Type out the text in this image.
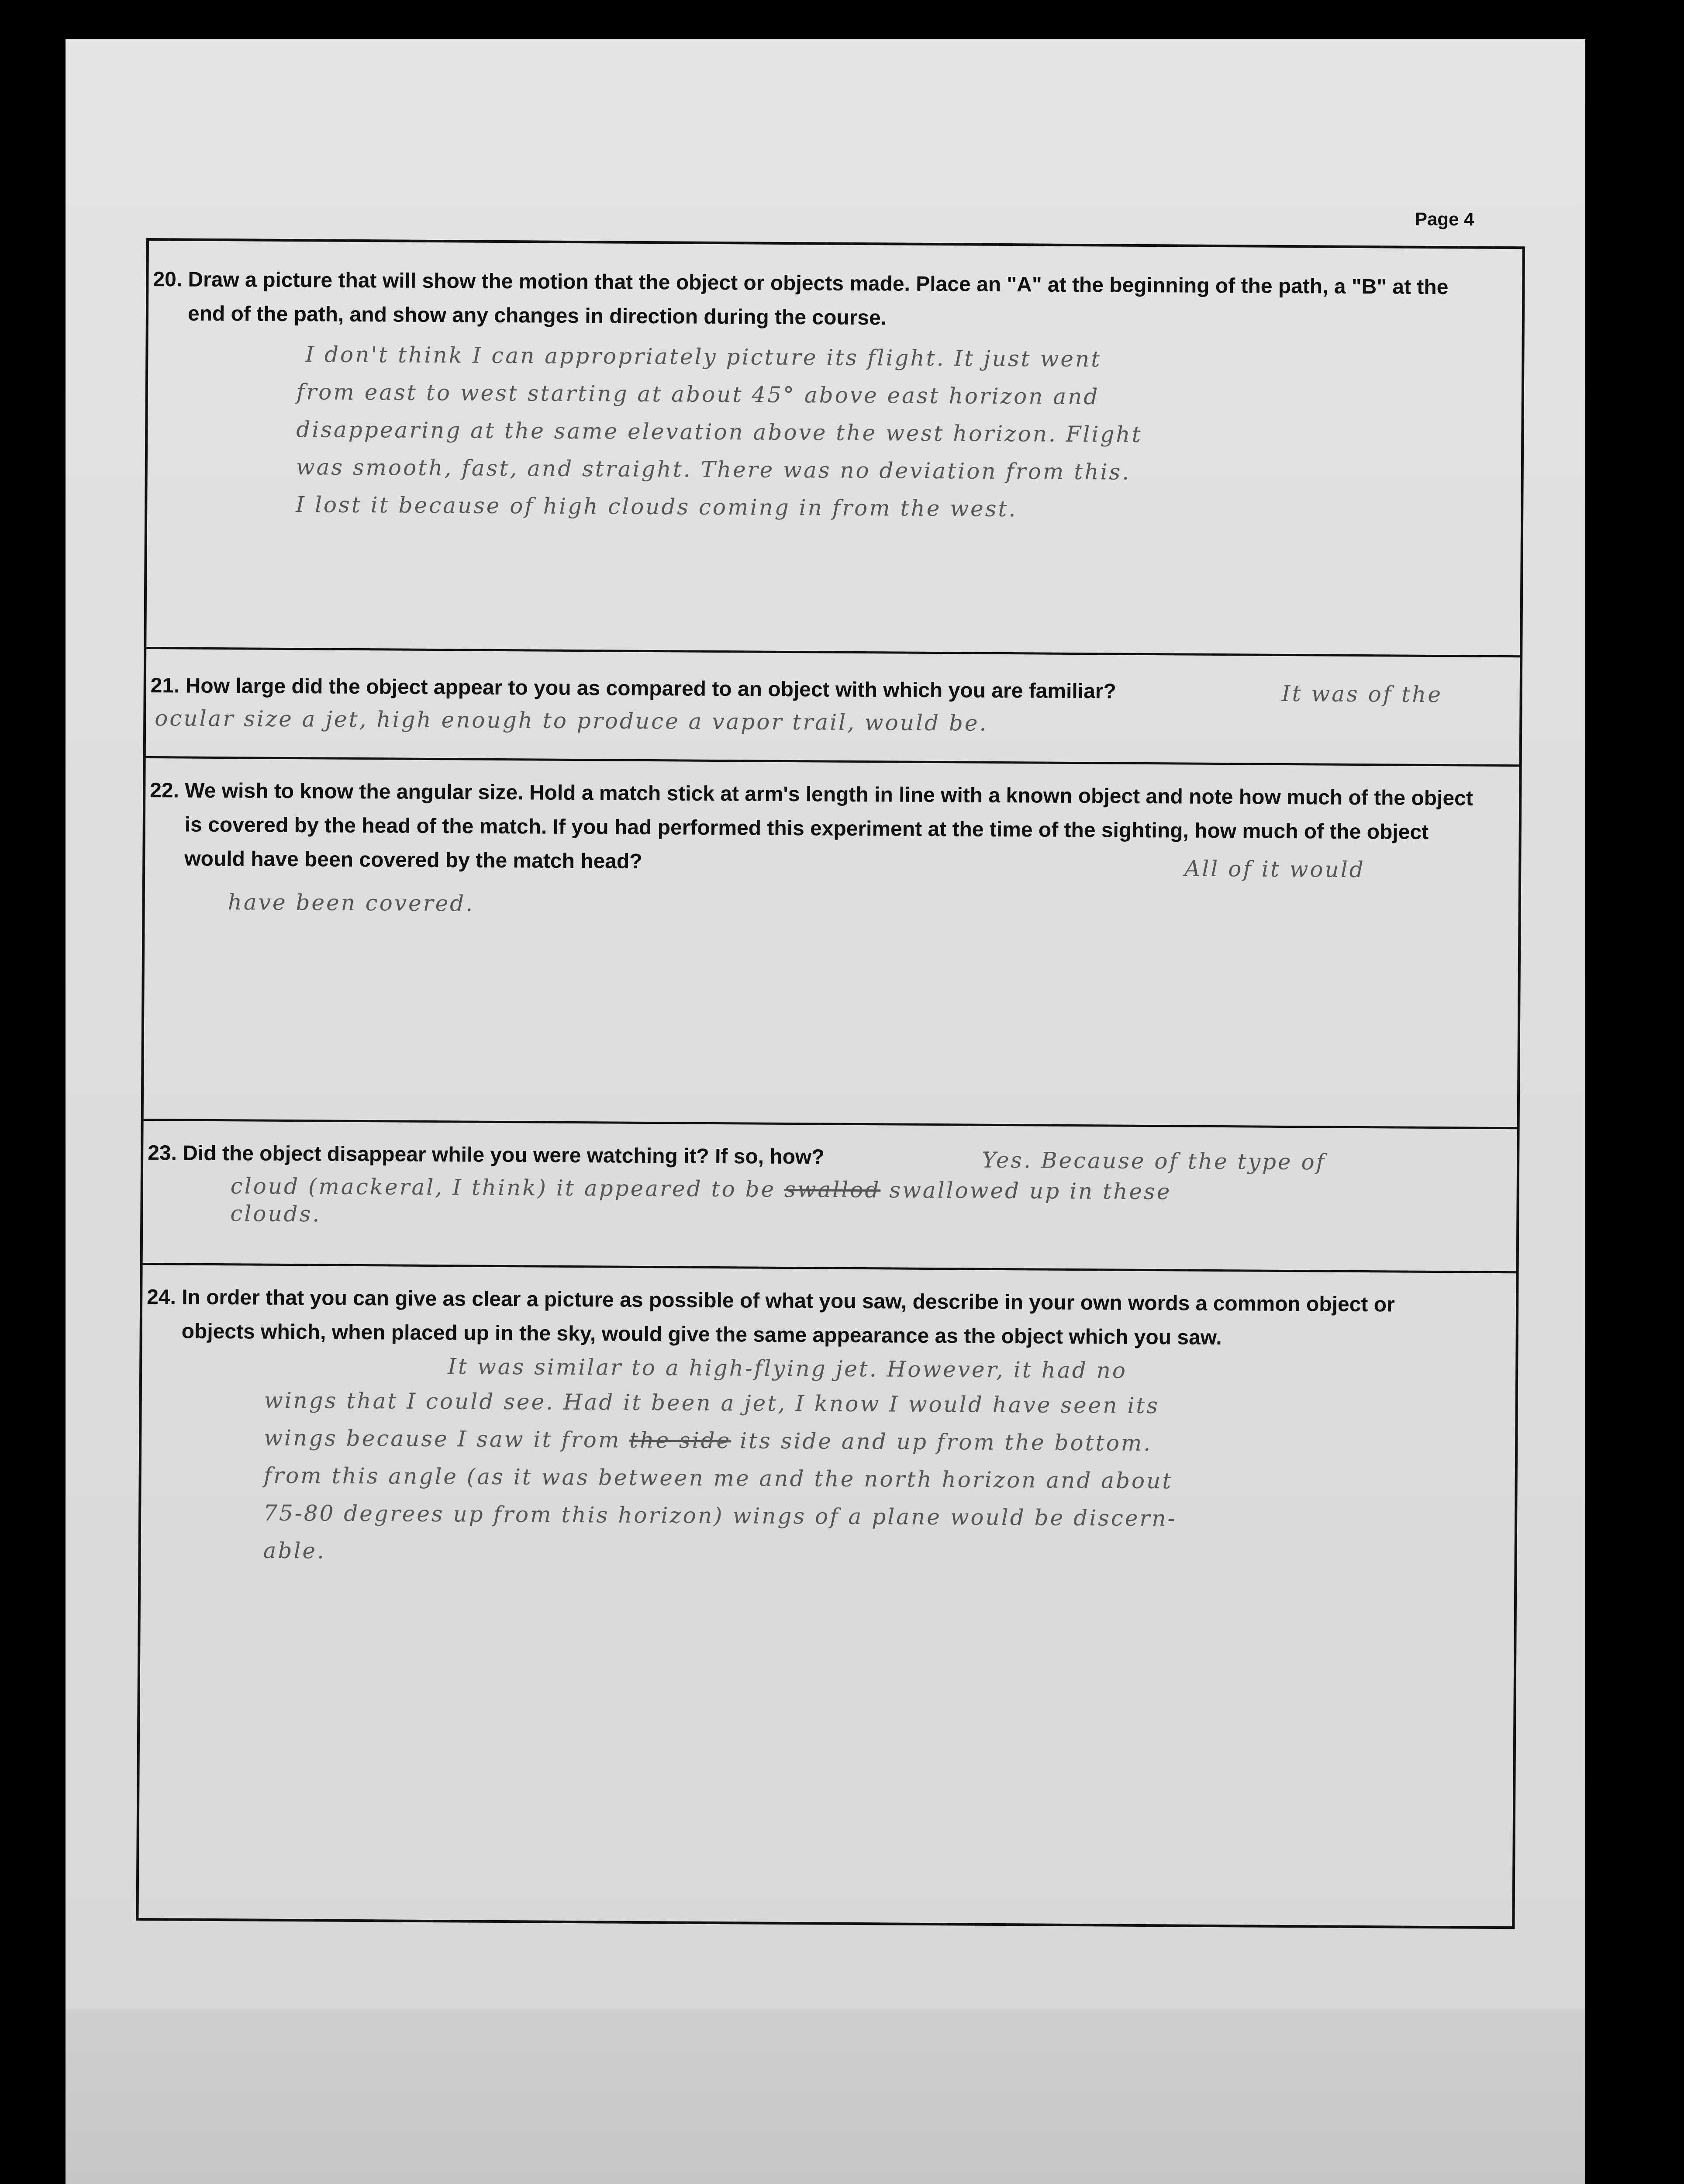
Page 4
20. Draw a picture that will show the motion that the object or objects made. Place an "A" at the beginning of the path, a "B" at the end of the path, and show any changes in direction during the course.

I don't think I can appropriately picture its flight. It just went

from east to west starting at about 45° above east horizon and

disappearing at the same elevation above the west horizon. Flight

was smooth, fast, and straight. There was no deviation from this.

I lost it because of high clouds coming in from the west.

21. How large did the object appear to you as compared to an object with which you are familiar?	It was of the

ocular size a jet, high enough to produce a vapor trail, would be.

22. We wish to know the angular size. Hold a match stick at arm's length in line with a known object and note how much of the object is covered by the head of the match. If you had performed this experiment at the time of the sighting, how much of the object would have been covered by the match head?	All of it would

have been covered.

23. Did the object disappear while you were watching it? If so, how?	Yes. Because of the type of

cloud (mackeral, I think) it appeared to be swallod swallowed up in these

clouds.

24. In order that you can give as clear a picture as possible of what you saw, describe in your own words a common object or objects which, when placed up in the sky, would give the same appearance as the object which you saw.
It was similar to a high-flying jet. However, it had no

wings that I could see. Had it been a jet, I know I would have seen its

wings because I saw it from the side its side and up from the bottom.

from this angle (as it was between me and the north horizon and about

75-80 degrees up from this horizon) wings of a plane would be discern-

able.
